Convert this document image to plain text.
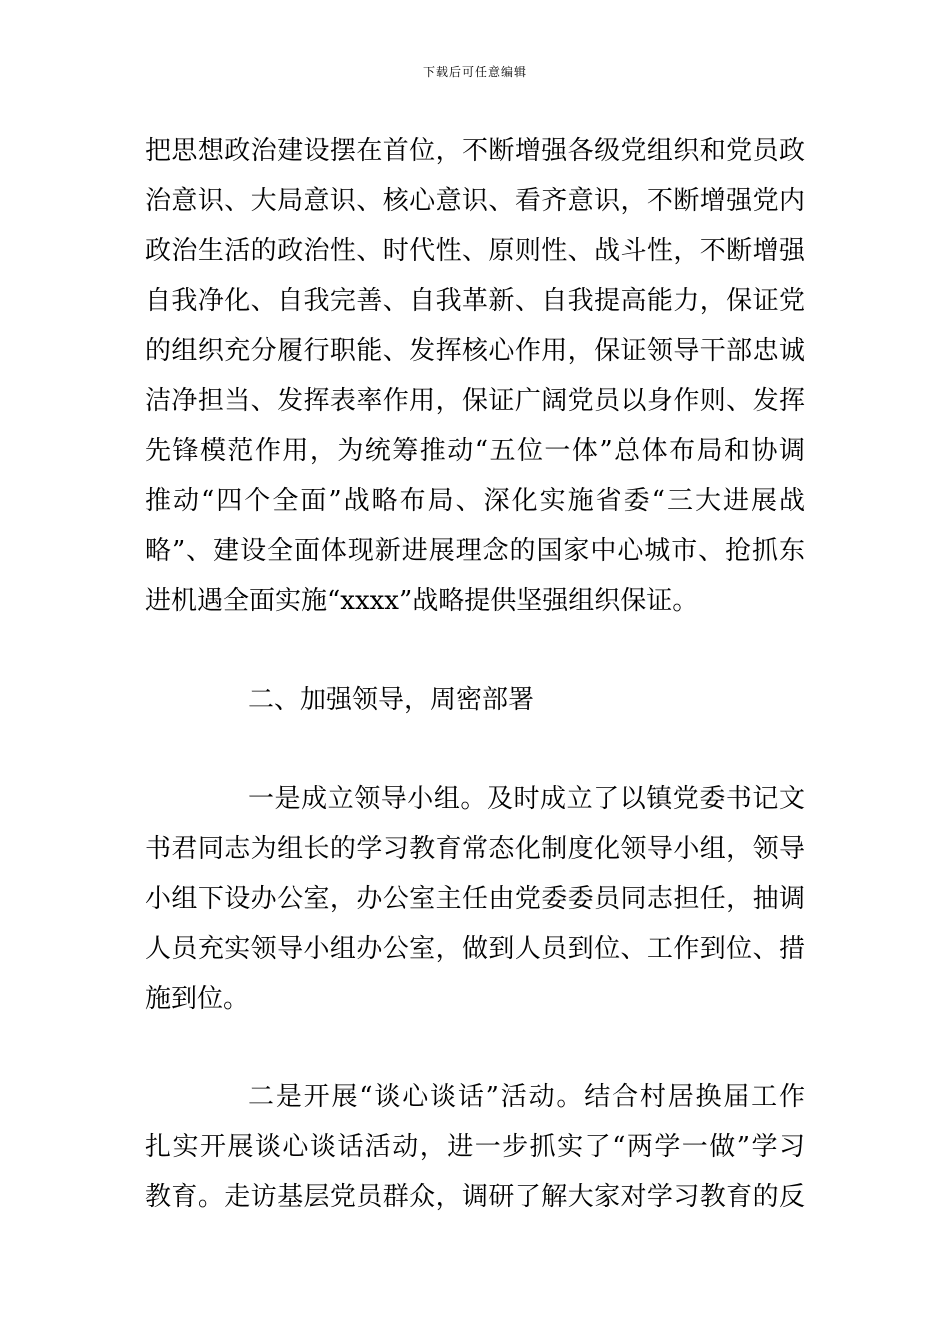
下载后可任意编辑
把思想政治建设摆在首位，不断增强各级党组织和党员政
治意识、大局意识、核心意识、看齐意识，不断增强党内
政治生活的政治性、时代性、原则性、战斗性，不断增强
自我净化、自我完善、自我革新、自我提高能力，保证党
的组织充分履行职能、发挥核心作用，保证领导干部忠诚
洁净担当、发挥表率作用，保证广阔党员以身作则、发挥
先锋模范作用，为统筹推动“五位一体”总体布局和协调
推动“四个全面”战略布局、深化实施省委“三大进展战
略”、建设全面体现新进展理念的国家中心城市、抢抓东
进机遇全面实施“xxxx”战略提供坚强组织保证。
二、加强领导，周密部署
一是成立领导小组。及时成立了以镇党委书记文
书君同志为组长的学习教育常态化制度化领导小组，领导
小组下设办公室，办公室主任由党委委员同志担任，抽调
人员充实领导小组办公室，做到人员到位、工作到位、措
施到位。
二是开展“谈心谈话”活动。结合村居换届工作
扎实开展谈心谈话活动，进一步抓实了“两学一做”学习
教育。走访基层党员群众，调研了解大家对学习教育的反
